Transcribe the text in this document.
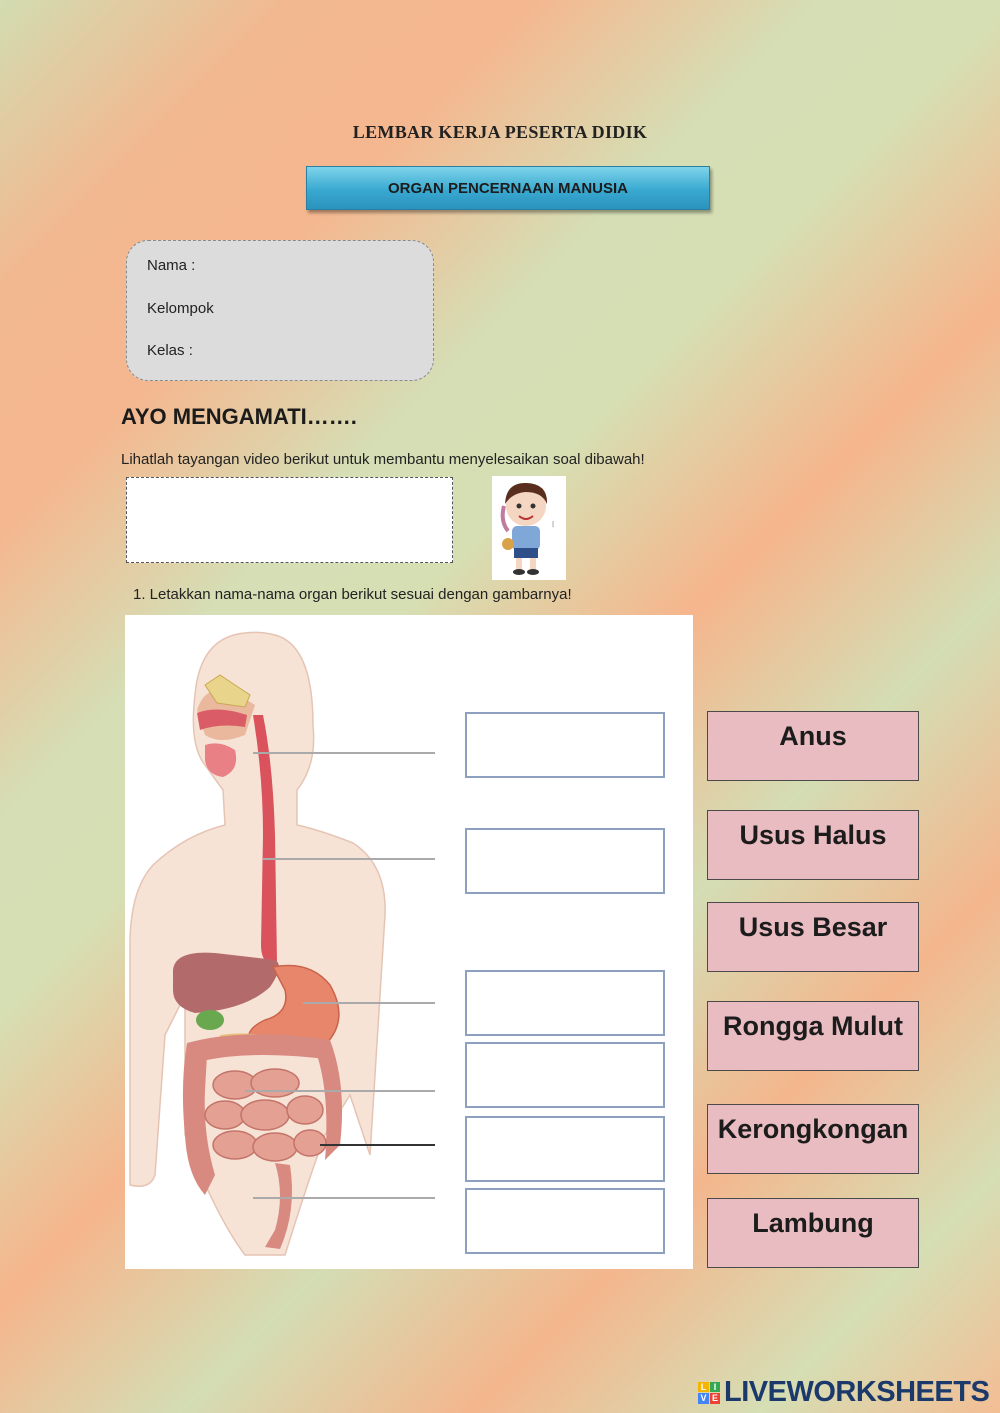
LEMBAR KERJA PESERTA DIDIK
ORGAN PENCERNAAN MANUSIA
Nama :
Kelompok
Kelas :
AYO MENGAMATI…….
Lihatlah tayangan video berikut untuk membantu menyelesaikan soal dibawah!
|
1. Letakkan nama-nama organ berikut sesuai dengan gambarnya!
Anus
Usus Halus
Usus Besar
Rongga Mulut
Kerongkongan
Lambung
L I
V E LIVEWORKSHEETS
